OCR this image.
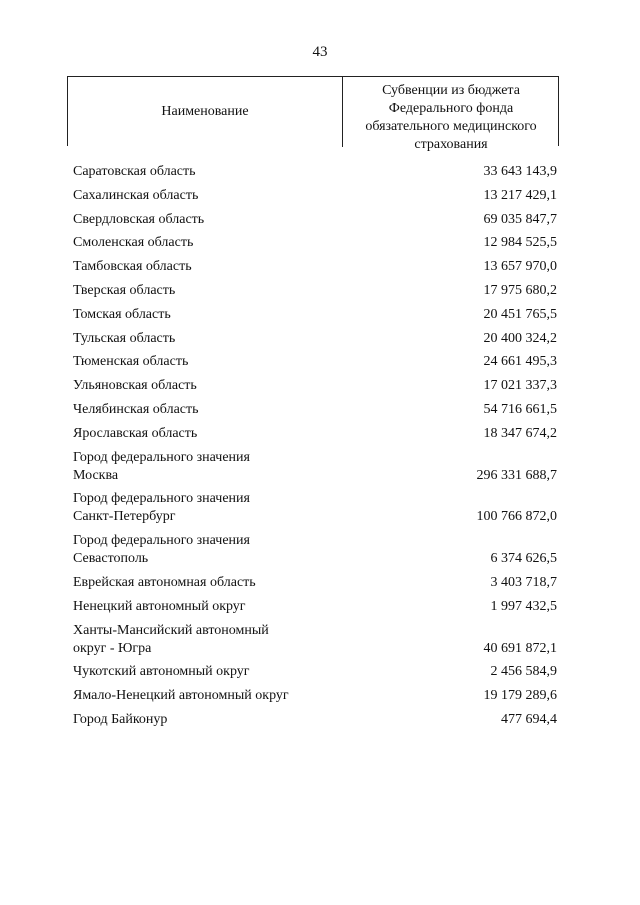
43
Наименование
Субвенции из бюджета
Федерального фонда
обязательного медицинского
страхования
Саратовская область	33 643 143,9
Сахалинская область	13 217 429,1
Свердловская область	69 035 847,7
Смоленская область	12 984 525,5
Тамбовская область	13 657 970,0
Тверская область	17 975 680,2
Томская область	20 451 765,5
Тульская область	20 400 324,2
Тюменская область	24 661 495,3
Ульяновская область	17 021 337,3
Челябинская область	54 716 661,5
Ярославская область	18 347 674,2
Город федерального значения
Москва	296 331 688,7
Город федерального значения
Санкт-Петербург	100 766 872,0
Город федерального значения
Севастополь	6 374 626,5
Еврейская автономная область	3 403 718,7
Ненецкий автономный округ	1 997 432,5
Ханты-Мансийский автономный
округ - Югра	40 691 872,1
Чукотский автономный округ	2 456 584,9
Ямало-Ненецкий автономный округ	19 179 289,6
Город Байконур	477 694,4
